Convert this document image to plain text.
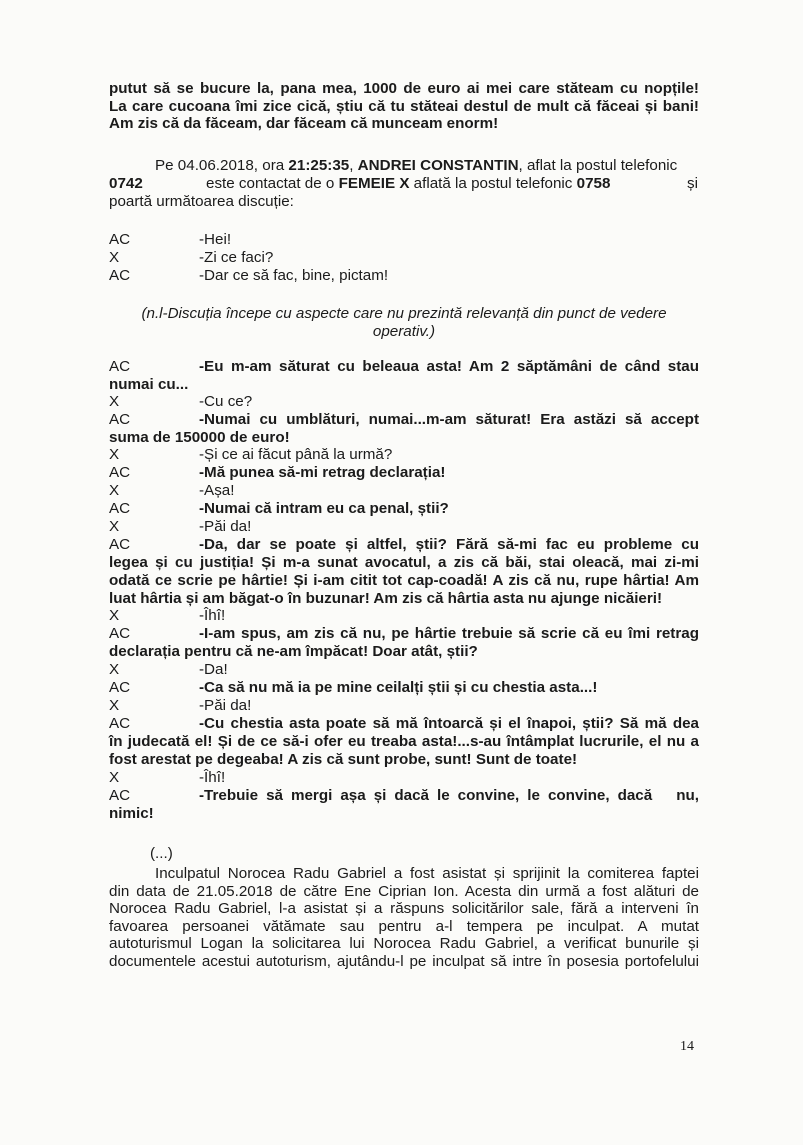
putut să se bucure la, pana mea, 1000 de euro ai mei care stăteam cu nopțile!
La care cucoana îmi zice cică, știu că tu stăteai destul de mult că făceai și bani!
Am zis că da făceam, dar făceam că munceam enorm!
Pe 04.06.2018, ora 21:25:35, ANDREI CONSTANTIN, aflat la postul telefonic
0742	este contactat de o FEMEIE X aflată la postul telefonic 0758	și
poartă următoarea discuție:
AC	-Hei!
X	-Zi ce faci?
AC	-Dar ce să fac, bine, pictam!
(n.l-Discuția începe cu aspecte care nu prezintă relevanță din punct de vedere operativ.)
AC	-Eu m-am săturat cu beleaua asta! Am 2 săptămâni de când stau
numai cu...
X	-Cu ce?
AC	-Numai cu umblături, numai...m-am săturat! Era astăzi să accept
suma de 150000 de euro!
X	-Și ce ai făcut până la urmă?
AC	-Mă punea să-mi retrag declarația!
X	-Așa!
AC	-Numai că intram eu ca penal, știi?
X	-Păi da!
AC	-Da, dar se poate și altfel, știi? Fără să-mi fac eu probleme cu
legea și cu justiția! Și m-a sunat avocatul, a zis că băi, stai oleacă, mai zi-mi
odată ce scrie pe hârtie! Și i-am citit tot cap-coadă! A zis că nu, rupe hârtia! Am
luat hârtia și am băgat-o în buzunar! Am zis că hârtia asta nu ajunge nicăieri!
X	-Îhî!
AC	-I-am spus, am zis că nu, pe hârtie trebuie să scrie că eu îmi retrag
declarația pentru că ne-am împăcat! Doar atât, știi?
X	-Da!
AC	-Ca să nu mă ia pe mine ceilalți știi și cu chestia asta...!
X	-Păi da!
AC	-Cu chestia asta poate să mă întoarcă și el înapoi, știi? Să mă dea
în judecată el! Și de ce să-i ofer eu treaba asta!...s-au întâmplat lucrurile, el nu a
fost arestat pe degeaba! A zis că sunt probe, sunt! Sunt de toate!
X	-Îhî!
AC	-Trebuie să mergi așa și dacă le convine, le convine, dacă   nu,
nimic!
(...)
Inculpatul Norocea Radu Gabriel a fost asistat și sprijinit la comiterea faptei
din data de 21.05.2018 de către Ene Ciprian Ion. Acesta din urmă a fost alături de
Norocea Radu Gabriel, l-a asistat și a răspuns solicitărilor sale, fără a interveni în
favoarea persoanei vătămate sau pentru a-l tempera pe inculpat. A mutat
autoturismul Logan la solicitarea lui Norocea Radu Gabriel, a verificat bunurile și
documentele acestui autoturism, ajutându-l pe inculpat să intre în posesia portofelului
14
